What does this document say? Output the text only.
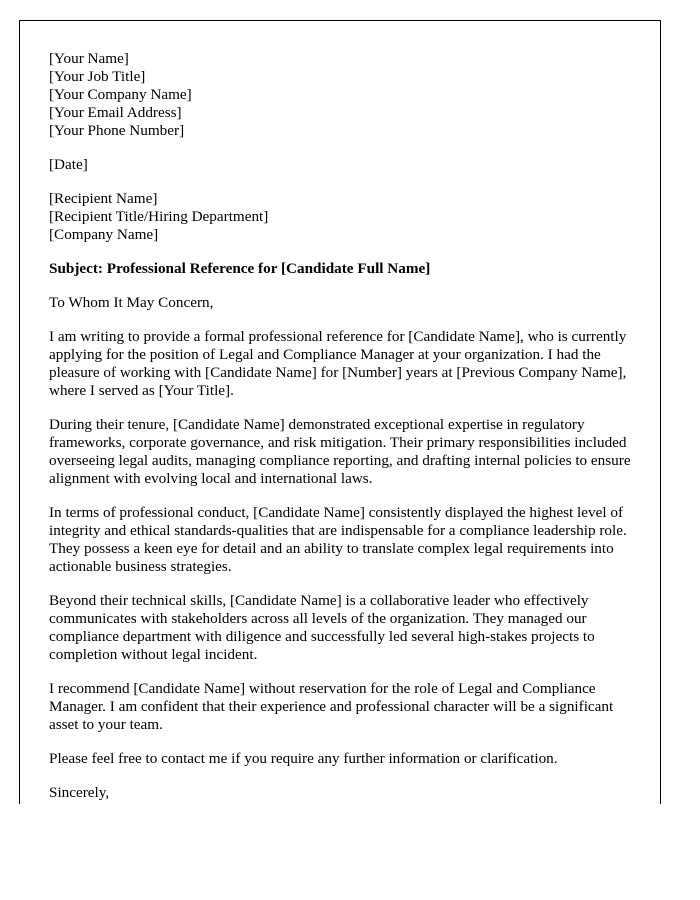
[Your Name]
[Your Job Title]
[Your Company Name]
[Your Email Address]
[Your Phone Number]
[Date]
[Recipient Name]
[Recipient Title/Hiring Department]
[Company Name]
Subject: Professional Reference for [Candidate Full Name]
To Whom It May Concern,

I am writing to provide a formal professional reference for [Candidate Name], who is currently applying for the position of Legal and Compliance Manager at your organization. I had the pleasure of working with [Candidate Name] for [Number] years at [Previous Company Name], where I served as [Your Title].

During their tenure, [Candidate Name] demonstrated exceptional expertise in regulatory frameworks, corporate governance, and risk mitigation. Their primary responsibilities included overseeing legal audits, managing compliance reporting, and drafting internal policies to ensure alignment with evolving local and international laws.

In terms of professional conduct, [Candidate Name] consistently displayed the highest level of integrity and ethical standards-qualities that are indispensable for a compliance leadership role. They possess a keen eye for detail and an ability to translate complex legal requirements into actionable business strategies.

Beyond their technical skills, [Candidate Name] is a collaborative leader who effectively communicates with stakeholders across all levels of the organization. They managed our compliance department with diligence and successfully led several high-stakes projects to completion without legal incident.

I recommend [Candidate Name] without reservation for the role of Legal and Compliance Manager. I am confident that their experience and professional character will be a significant asset to your team.

Please feel free to contact me if you require any further information or clarification.

Sincerely,
